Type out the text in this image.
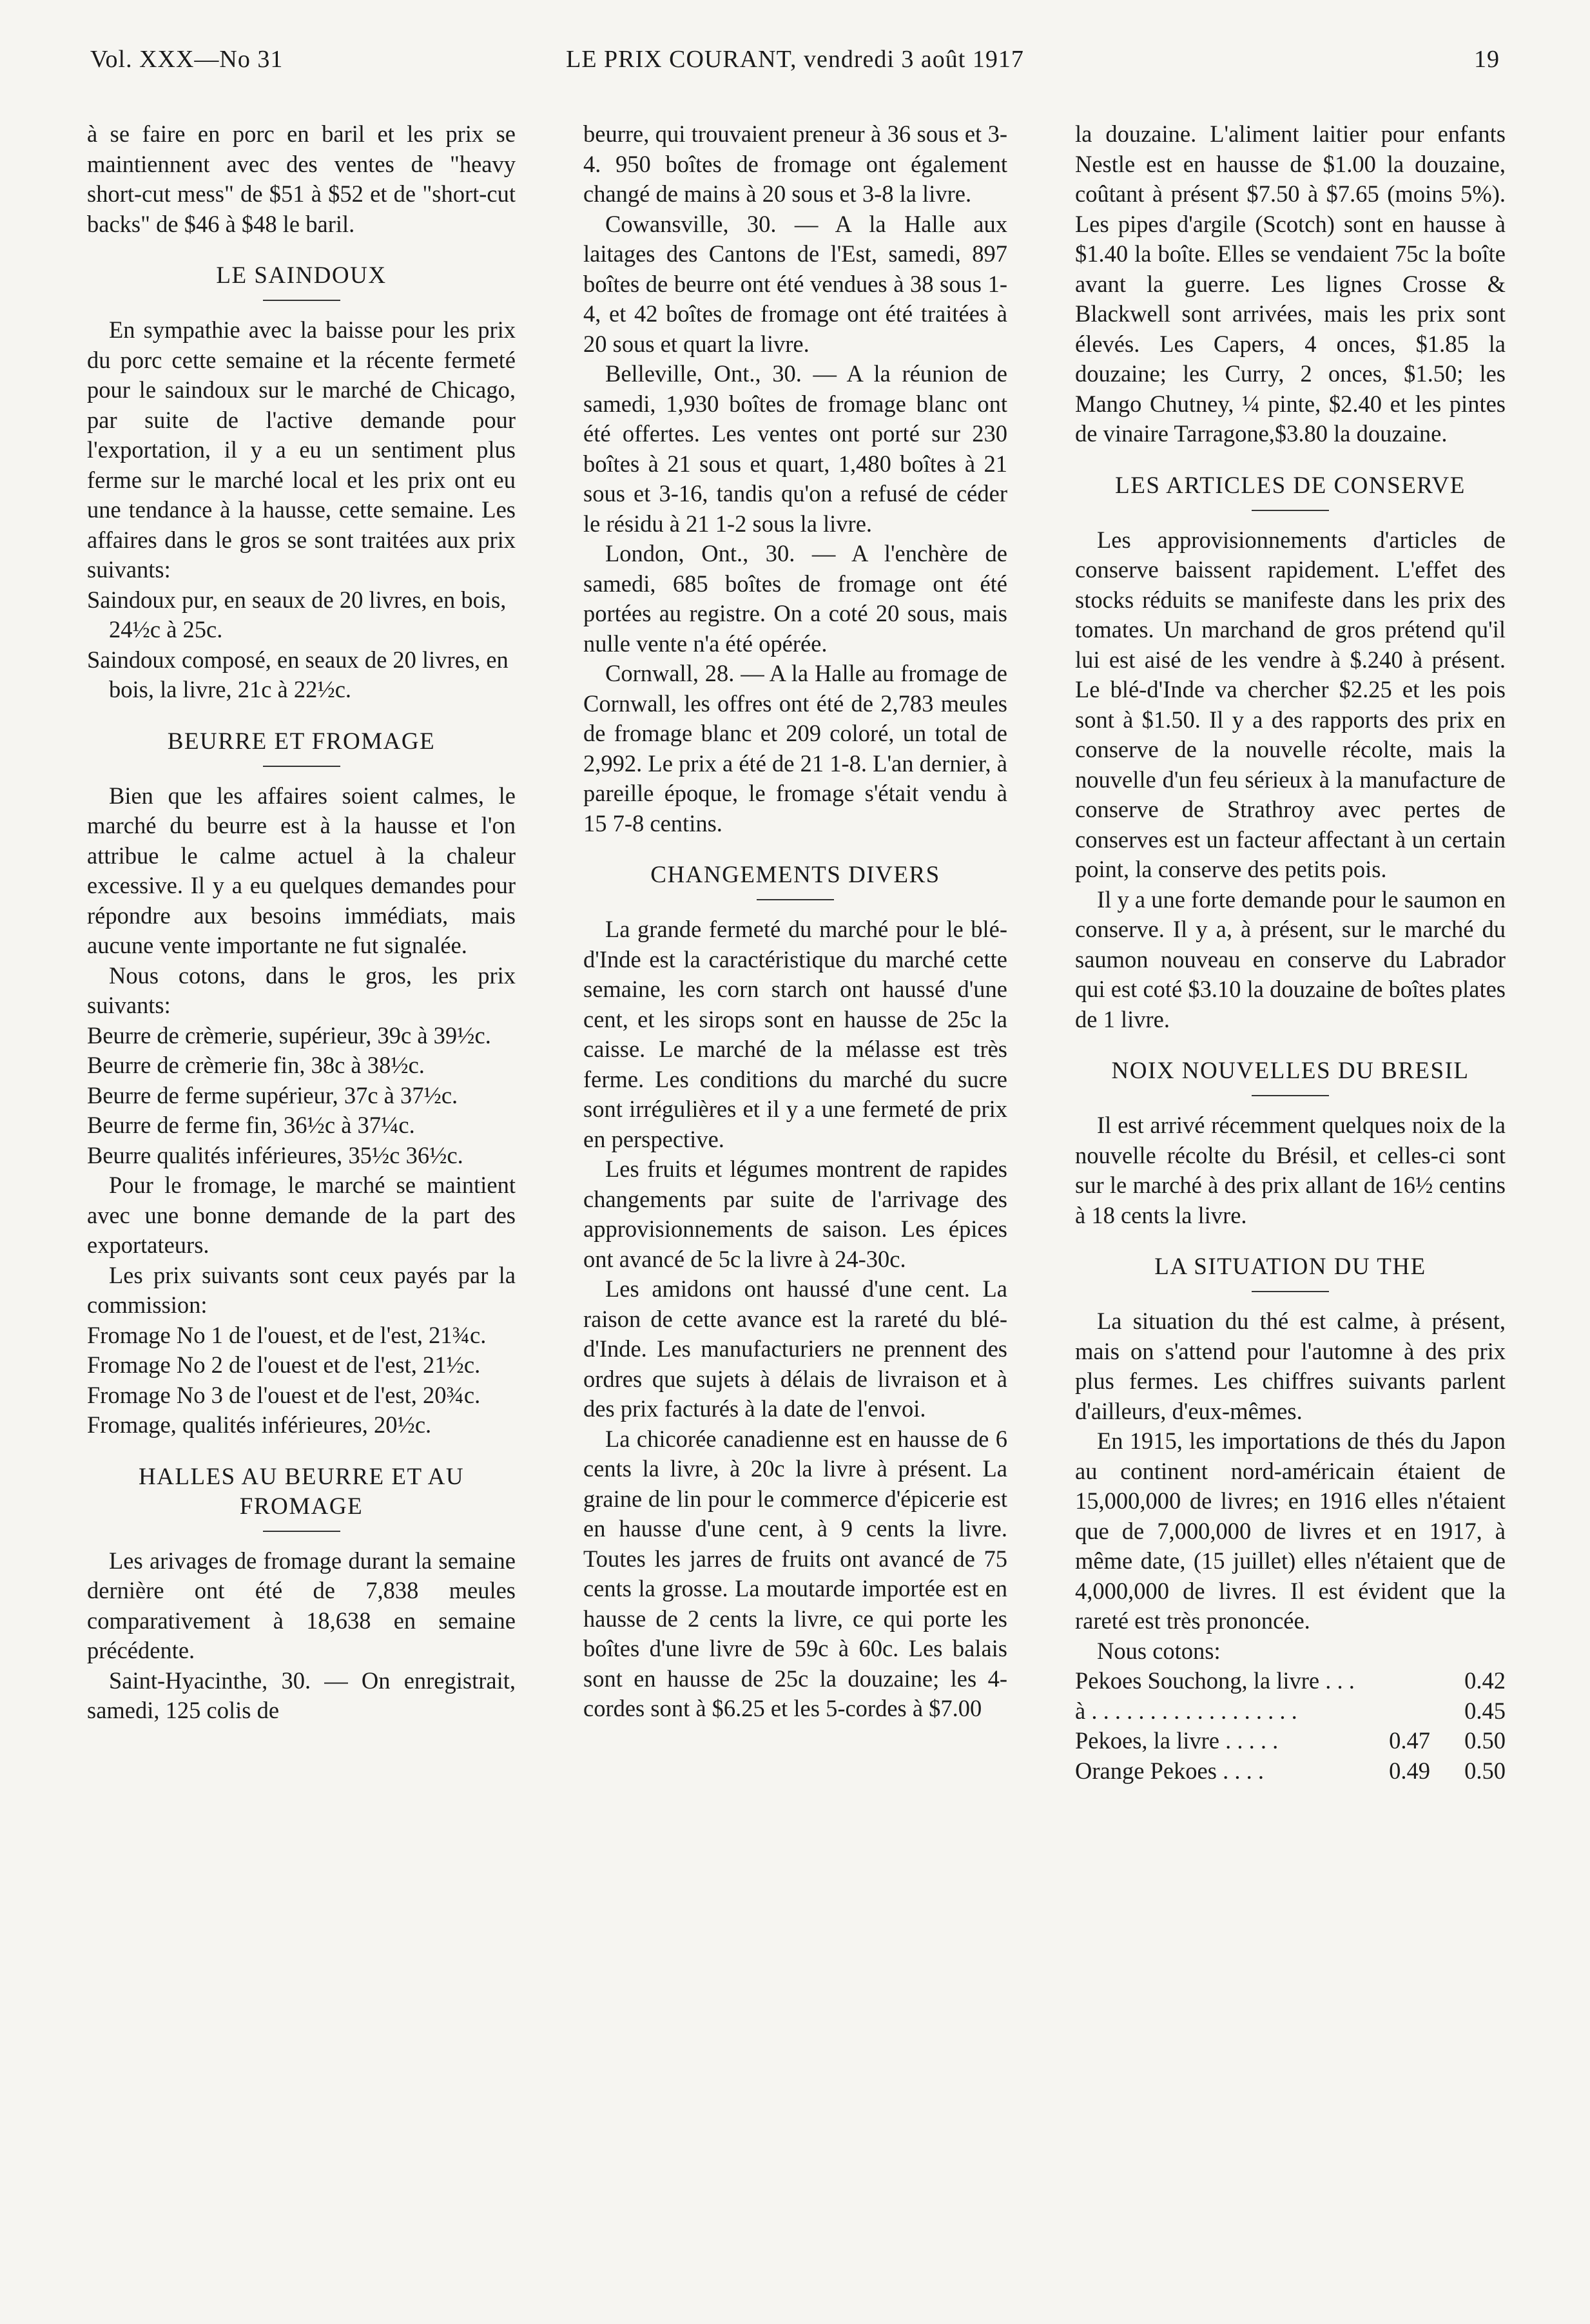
Vol. XXX—No 31	LE PRIX COURANT, vendredi 3 août 1917	19

à se faire en porc en baril et les prix se maintiennent avec des ventes de "heavy short-cut mess" de $51 à $52 et de "short-cut backs" de $46 à $48 le baril.

LE SAINDOUX

En sympathie avec la baisse pour les prix du porc cette semaine et la récente fermeté pour le saindoux sur le marché de Chicago, par suite de l'active demande pour l'exportation, il y a eu un sentiment plus ferme sur le marché local et les prix ont eu une tendance à la hausse, cette semaine. Les affaires dans le gros se sont traitées aux prix suivants:

Saindoux pur, en seaux de 20 livres, en bois, 24½c à 25c.
Saindoux composé, en seaux de 20 livres, en bois, la livre, 21c à 22½c.
BEURRE ET FROMAGE

Bien que les affaires soient calmes, le marché du beurre est à la hausse et l'on attribue le calme actuel à la chaleur excessive. Il y a eu quelques demandes pour répondre aux besoins immédiats, mais aucune vente importante ne fut signalée.

Nous cotons, dans le gros, les prix suivants:

Beurre de crèmerie, supérieur, 39c à 39½c.
Beurre de crèmerie fin, 38c à 38½c.
Beurre de ferme supérieur, 37c à 37½c.
Beurre de ferme fin, 36½c à 37¼c.
Beurre qualités inférieures, 35½c 36½c.

Pour le fromage, le marché se maintient avec une bonne demande de la part des exportateurs.

Les prix suivants sont ceux payés par la commission:

Fromage No 1 de l'ouest, et de l'est, 21¾c.
Fromage No 2 de l'ouest et de l'est, 21½c.
Fromage No 3 de l'ouest et de l'est, 20¾c.
Fromage, qualités inférieures, 20½c.
HALLES AU BEURRE ET AU FROMAGE

Les arivages de fromage durant la semaine dernière ont été de 7,838 meules comparativement à 18,638 en semaine précédente.

Saint-Hyacinthe, 30. — On enregistrait, samedi, 125 colis de

beurre, qui trouvaient preneur à 36 sous et 3-4. 950 boîtes de fromage ont également changé de mains à 20 sous et 3-8 la livre.

Cowansville, 30. — A la Halle aux laitages des Cantons de l'Est, samedi, 897 boîtes de beurre ont été vendues à 38 sous 1-4, et 42 boîtes de fromage ont été traitées à 20 sous et quart la livre.

Belleville, Ont., 30. — A la réunion de samedi, 1,930 boîtes de fromage blanc ont été offertes. Les ventes ont porté sur 230 boîtes à 21 sous et quart, 1,480 boîtes à 21 sous et 3-16, tandis qu'on a refusé de céder le résidu à 21 1-2 sous la livre.

London, Ont., 30. — A l'enchère de samedi, 685 boîtes de fromage ont été portées au registre. On a coté 20 sous, mais nulle vente n'a été opérée.

Cornwall, 28. — A la Halle au fromage de Cornwall, les offres ont été de 2,783 meules de fromage blanc et 209 coloré, un total de 2,992. Le prix a été de 21 1-8. L'an dernier, à pareille époque, le fromage s'était vendu à 15 7-8 centins.

CHANGEMENTS DIVERS

La grande fermeté du marché pour le blé-d'Inde est la caractéristique du marché cette semaine, les corn starch ont haussé d'une cent, et les sirops sont en hausse de 25c la caisse. Le marché de la mélasse est très ferme. Les conditions du marché du sucre sont irrégulières et il y a une fermeté de prix en perspective.

Les fruits et légumes montrent de rapides changements par suite de l'arrivage des approvisionnements de saison. Les épices ont avancé de 5c la livre à 24-30c.

Les amidons ont haussé d'une cent. La raison de cette avance est la rareté du blé-d'Inde. Les manufacturiers ne prennent des ordres que sujets à délais de livraison et à des prix facturés à la date de l'envoi.

La chicorée canadienne est en hausse de 6 cents la livre, à 20c la livre à présent. La graine de lin pour le commerce d'épicerie est en hausse d'une cent, à 9 cents la livre. Toutes les jarres de fruits ont avancé de 75 cents la grosse. La moutarde importée est en hausse de 2 cents la livre, ce qui porte les boîtes d'une livre de 59c à 60c. Les balais sont en hausse de 25c la douzaine; les 4-cordes sont à $6.25 et les 5-cordes à $7.00

la douzaine. L'aliment laitier pour enfants Nestle est en hausse de $1.00 la douzaine, coûtant à présent $7.50 à $7.65 (moins 5%). Les pipes d'argile (Scotch) sont en hausse à $1.40 la boîte. Elles se vendaient 75c la boîte avant la guerre. Les lignes Crosse & Blackwell sont arrivées, mais les prix sont élevés. Les Capers, 4 onces, $1.85 la douzaine; les Curry, 2 onces, $1.50; les Mango Chutney, ¼ pinte, $2.40 et les pintes de vinaire Tarragone,$3.80 la douzaine.

LES ARTICLES DE CONSERVE

Les approvisionnements d'articles de conserve baissent rapidement. L'effet des stocks réduits se manifeste dans les prix des tomates. Un marchand de gros prétend qu'il lui est aisé de les vendre à $.240 à présent. Le blé-d'Inde va chercher $2.25 et les pois sont à $1.50. Il y a des rapports des prix en conserve de la nouvelle récolte, mais la nouvelle d'un feu sérieux à la manufacture de conserve de Strathroy avec pertes de conserves est un facteur affectant à un certain point, la conserve des petits pois.

Il y a une forte demande pour le saumon en conserve. Il y a, à présent, sur le marché du saumon nouveau en conserve du Labrador qui est coté $3.10 la douzaine de boîtes plates de 1 livre.

NOIX NOUVELLES DU BRESIL

Il est arrivé récemment quelques noix de la nouvelle récolte du Brésil, et celles-ci sont sur le marché à des prix allant de 16½ centins à 18 cents la livre.

LA SITUATION DU THE

La situation du thé est calme, à présent, mais on s'attend pour l'automne à des prix plus fermes. Les chiffres suivants parlent d'ailleurs, d'eux-mêmes.

En 1915, les importations de thés du Japon au continent nord-américain étaient de 15,000,000 de livres; en 1916 elles n'étaient que de 7,000,000 de livres et en 1917, à même date, (15 juillet) elles n'étaient que de 4,000,000 de livres. Il est évident que la rareté est très prononcée.

Nous cotons:

Pekoes Souchong, la livre . . .		0.42
à . . . . . . . . . . . . . . . . . .		0.45
Pekoes, la livre . . . . .	0.47	0.50
Orange Pekoes . . . .	0.49	0.50
